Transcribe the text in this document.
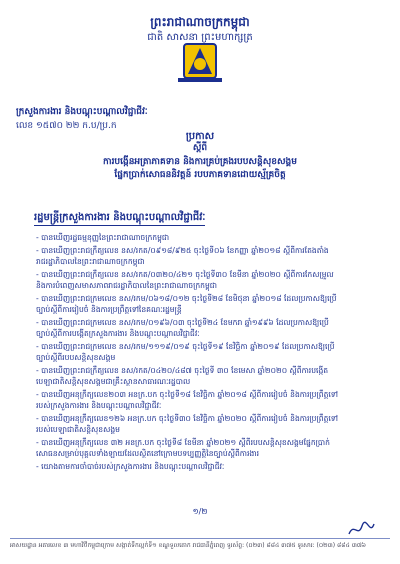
ព្រះរាជាណាចក្រកម្ពុជា
ជាតិ សាសនា ព្រះមហាក្សត្រ
ក្រសួងការងារ និងបណ្តុះបណ្តាលវិជ្ជាជីវៈ
លេខ ១៥៧០ ២២ ក.ប/ប្រ.ក
ប្រកាស
ស្តីពី
ការបង្កើនអត្រាភាគទាន និងការគ្រប់គ្រងរបបសន្តិសុខសង្គម
ផ្នែកប្រាក់សោធននិវត្តន៍ របបភាគទានដោយស្ម័គ្រចិត្ត
រដ្ឋមន្ត្រីក្រសួងការងារ និងបណ្តុះបណ្តាលវិជ្ជាជីវៈ
- បានឃើញរដ្ឋធម្មនុញ្ញនៃព្រះរាជាណាចក្រកម្ពុជា
- បានឃើញព្រះរាជក្រឹត្យលេខ នស/រកត/០៩១៨/៩២៥ ចុះថ្ងៃទី០៦ ខែកញ្ញា ឆ្នាំ២០១៨ ស្តីពីការតែងតាំង
រាជរដ្ឋាភិបាលនៃព្រះរាជាណាចក្រកម្ពុជា
- បានឃើញព្រះរាជក្រឹត្យលេខ នស/រកត/០៣២០/៤២១ ចុះថ្ងៃទី៣០ ខែមីនា ឆ្នាំ២០២០ ស្តីពីការកែសម្រួល
និងការបំពេញសមាសភាពរាជរដ្ឋាភិបាលនៃព្រះរាជាណាចក្រកម្ពុជា
- បានឃើញព្រះរាជក្រមលេខ នស/រកម/០៦១៨/០១២ ចុះថ្ងៃទី២៨ ខែមិថុនា ឆ្នាំ២០១៨ ដែលប្រកាសឱ្យប្រើ
ច្បាប់ស្តីពីការរៀបចំ និងការប្រព្រឹត្តទៅនៃគណៈរដ្ឋមន្ត្រី
- បានឃើញព្រះរាជក្រមលេខ នស/រកម/០១៩៦/០៣ ចុះថ្ងៃទី២៤ ខែមករា ឆ្នាំ១៩៩៦ ដែលប្រកាសឱ្យប្រើ
ច្បាប់ស្តីពីការបង្កើតក្រសួងការងារ និងបណ្តុះបណ្តាលវិជ្ជាជីវៈ
- បានឃើញព្រះរាជក្រមលេខ នស/រកម/១១១៩/០១៩ ចុះថ្ងៃទី១៩ ខែវិច្ឆិកា ឆ្នាំ២០១៩ ដែលប្រកាសឱ្យប្រើ
ច្បាប់ស្តីពីរបបសន្តិសុខសង្គម
- បានឃើញព្រះរាជក្រឹត្យលេខ នស/រកត/០៤២០/៤៨៧ ចុះថ្ងៃទី ៣០ ខែមេសា ឆ្នាំ២០២០ ស្តីពីការបង្កើត
បេឡាជាតិសន្តិសុខសង្គមជាគ្រឹះស្ថានសាធារណៈរដ្ឋបាល
- បានឃើញអនុក្រឹត្យលេខ២០៣ អនក្រ.បក ចុះថ្ងៃទី១៨ ខែវិច្ឆិកា ឆ្នាំ២០១៨ ស្តីពីការរៀបចំ និងការប្រព្រឹត្តទៅ
របស់ក្រសួងការងារ និងបណ្តុះបណ្តាលវិជ្ជាជីវៈ
- បានឃើញអនុក្រឹត្យលេខ១២៦ អនក្រ.បក ចុះថ្ងៃទី៣០ ខែវិច្ឆិកា ឆ្នាំ២០២០ ស្តីពីការរៀបចំ និងការប្រព្រឹត្តទៅ
របស់បេឡាជាតិសន្តិសុខសង្គម
- បានឃើញអនុក្រឹត្យលេខ ៣២ អនក្រ.បក ចុះថ្ងៃទី៨ ខែមីនា ឆ្នាំ២០២១ ស្តីពីរបបសន្តិសុខសង្គមផ្នែកប្រាក់
សោធនសម្រាប់បុគ្គលទាំងឡាយដែលស្ថិតនៅក្រោមបទប្បញ្ញត្តិនៃច្បាប់ស្តីពីការងារ
- យោងតាមការចាំបាច់របស់ក្រសួងការងារ និងបណ្តុះបណ្តាលវិជ្ជាជីវៈ
១/២
អាសយដ្ឋាន អគារលេខ ៣ មហាវិថីកម្ពុជាក្រោម សង្កាត់ទឹកល្អក់ទី១ ខណ្ឌទួលគោក រាជធានីភ្នំពេញ ទូរស័ព្ទ: (០២៣) ៨៨៤ ៣៧៥ ទូរសារ: (០២៣) ៨៨៤ ៣៧៦
